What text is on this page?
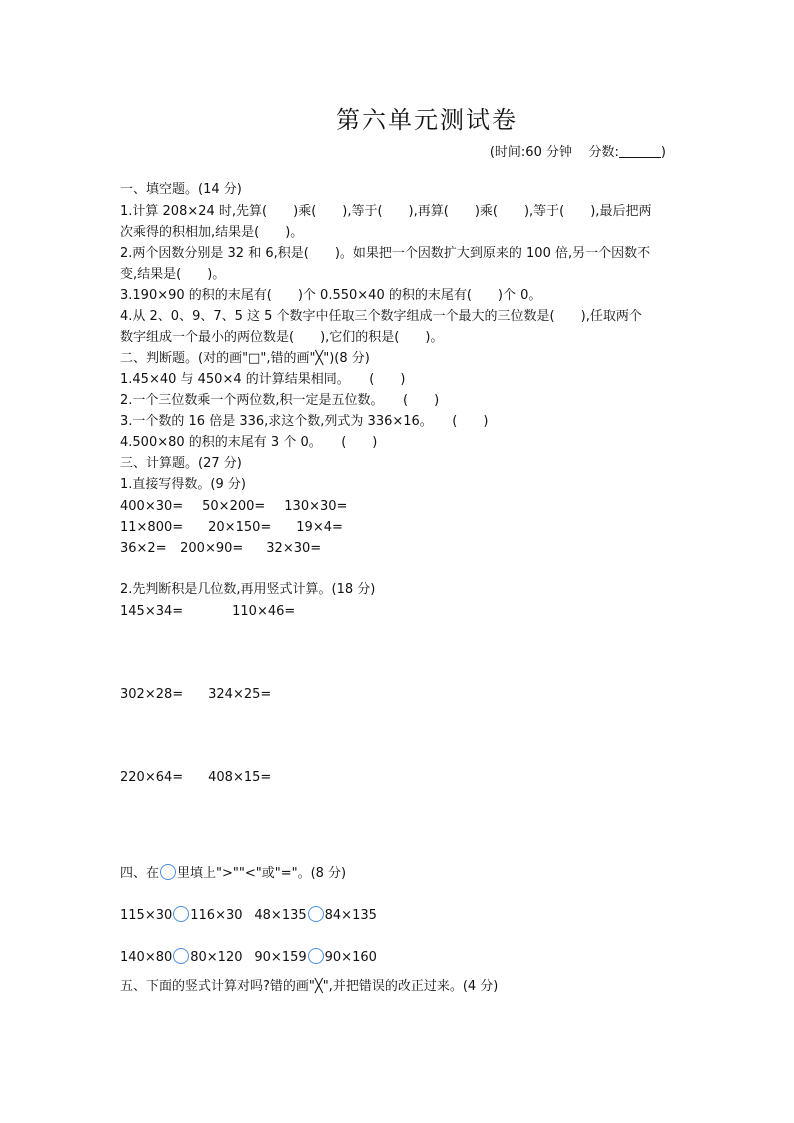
第六单元测试卷
(时间:60 分钟 分数:	)
一、填空题。(14 分)
1.计算 208×24 时,先算(　　)乘(　　),等于(　　),再算(　　)乘(　　),等于(　　),最后把两
次乘得的积相加,结果是(　　)。
2.两个因数分别是 32 和 6,积是(　　)。如果把一个因数扩大到原来的 100 倍,另一个因数不
变,结果是(　　)。
3.190×90 的积的末尾有(　　)个 0.550×40 的积的末尾有(　　)个 0。
4.从 2、0、9、7、5 这 5 个数字中任取三个数字组成一个最大的三位数是(　　),任取两个
数字组成一个最小的两位数是(　　),它们的积是(　　)。
二、判断题。(对的画"□",错的画"╳")(8 分)
1.45×40 与 450×4 的计算结果相同。　　(　　)
2.一个三位数乘一个两位数,积一定是五位数。　　(　　)
3.一个数的 16 倍是 336,求这个数,列式为 336×16。　　(　　)
4.500×80 的积的末尾有 3 个 0。　　(　　)
三、计算题。(27 分)
1.直接写得数。(9 分)
400×30= 50×200= 130×30=
11×800= 20×150= 19×4=
36×2= 200×90= 32×30=
2.先判断积是几位数,再用竖式计算。(18 分)
145×34=	110×46=
302×28= 324×25=
220×64= 408×15=
四、在 里填上">""<"或"="。(8 分)
115×30 116×30 48×135 84×135
140×80 80×120 90×159 90×160
五、下面的竖式计算对吗?错的画"╳",并把错误的改正过来。(4 分)
